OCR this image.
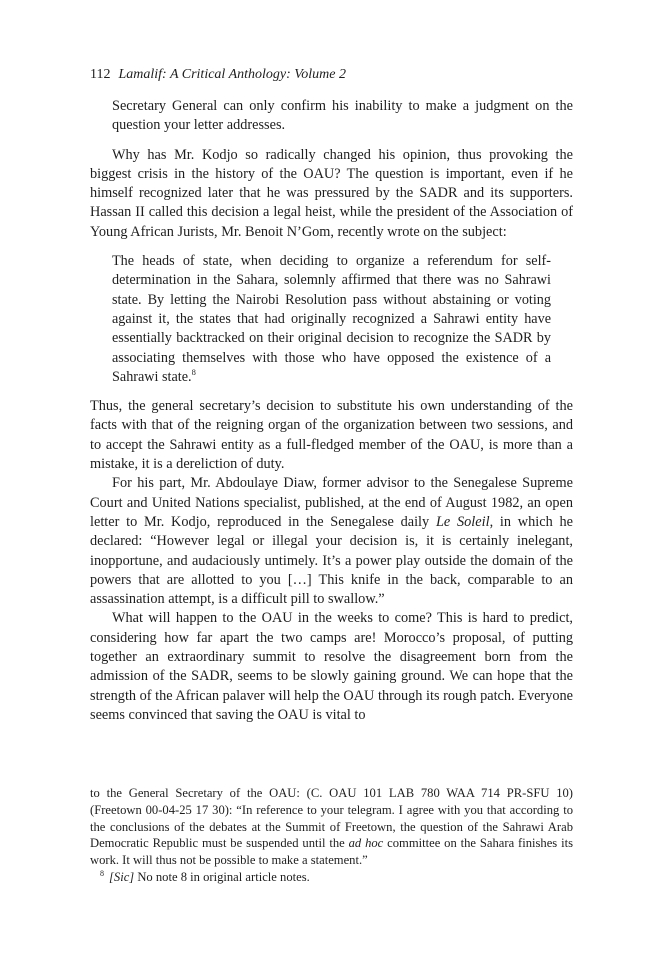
112 Lamalif: A Critical Anthology: Volume 2

Secretary General can only confirm his inability to make a judgment on the question your letter addresses.

Why has Mr. Kodjo so radically changed his opinion, thus provoking the biggest crisis in the history of the OAU? The question is important, even if he himself recognized later that he was pressured by the SADR and its supporters. Hassan II called this decision a legal heist, while the president of the Association of Young African Jurists, Mr. Benoit N’Gom, recently wrote on the subject:

The heads of state, when deciding to organize a referendum for self-determination in the Sahara, solemnly affirmed that there was no Sahrawi state. By letting the Nairobi Resolution pass without abstaining or voting against it, the states that had originally recognized a Sahrawi entity have essentially backtracked on their original decision to recognize the SADR by associating themselves with those who have opposed the existence of a Sahrawi state.$^8$

Thus, the general secretary’s decision to substitute his own understanding of the facts with that of the reigning organ of the organization between two sessions, and to accept the Sahrawi entity as a full-fledged member of the OAU, is more than a mistake, it is a dereliction of duty.

For his part, Mr. Abdoulaye Diaw, former advisor to the Senegalese Supreme Court and United Nations specialist, published, at the end of August 1982, an open letter to Mr. Kodjo, reproduced in the Senegalese daily Le Soleil, in which he declared: “However legal or illegal your decision is, it is certainly inelegant, inopportune, and audaciously untimely. It’s a power play outside the domain of the powers that are allotted to you […] This knife in the back, comparable to an assassination attempt, is a difficult pill to swallow.”

What will happen to the OAU in the weeks to come? This is hard to predict, considering how far apart the two camps are! Morocco’s proposal, of putting together an extraordinary summit to resolve the disagreement born from the admission of the SADR, seems to be slowly gaining ground. We can hope that the strength of the African palaver will help the OAU through its rough patch. Everyone seems convinced that saving the OAU is vital to

to the General Secretary of the OAU: (C. OAU 101 LAB 780 WAA 714 PR-SFU 10) (Freetown 00-04-25 17 30): “In reference to your telegram. I agree with you that according to the conclusions of the debates at the Summit of Freetown, the question of the Sahrawi Arab Democratic Republic must be suspended until the ad hoc committee on the Sahara finishes its work. It will thus not be possible to make a statement.”

$^8$ [Sic] No note 8 in original article notes.
